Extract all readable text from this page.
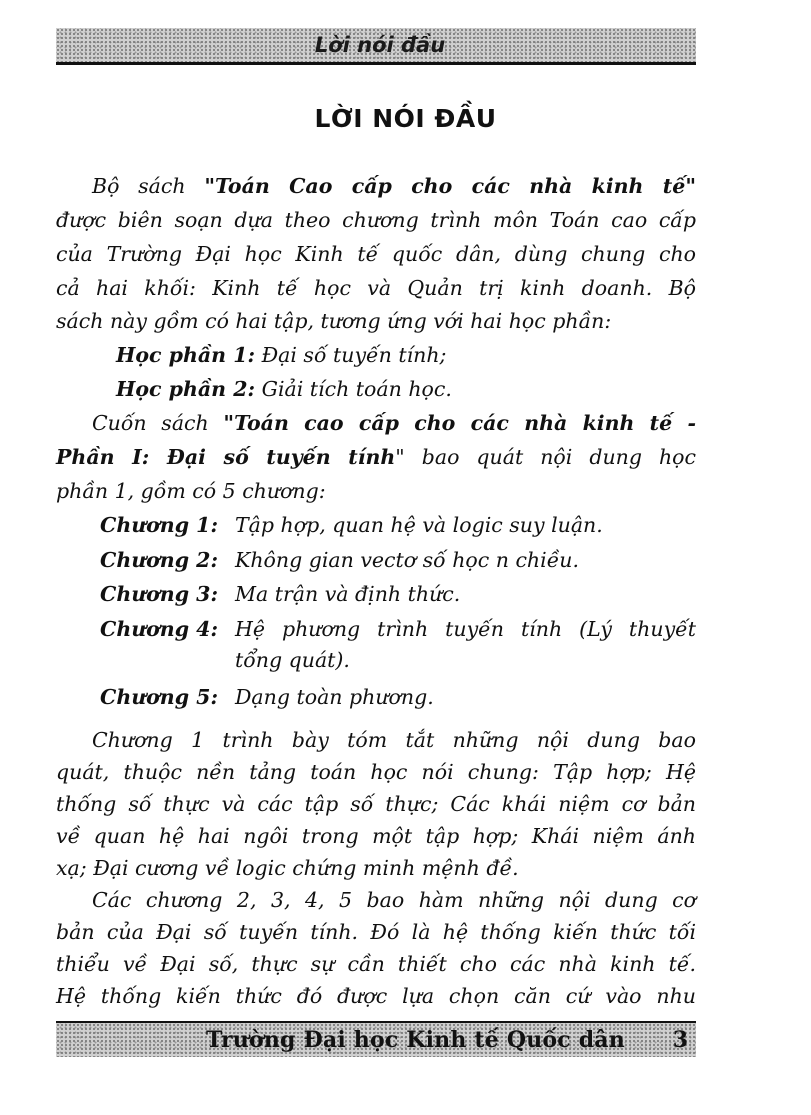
Lời nói đầu
LỜI NÓI ĐẦU
Bộ sách "Toán Cao cấp cho các nhà kinh tế"
được biên soạn dựa theo chương trình môn Toán cao cấp
của Trường Đại học Kinh tế quốc dân, dùng chung cho
cả hai khối: Kinh tế học và Quản trị kinh doanh. Bộ
sách này gồm có hai tập, tương ứng với hai học phần:
Học phần 1: Đại số tuyến tính;
Học phần 2: Giải tích toán học.
Cuốn sách "Toán cao cấp cho các nhà kinh tế -
Phần I: Đại số tuyến tính" bao quát nội dung học
phần 1, gồm có 5 chương:
Chương 1: Tập hợp, quan hệ và logic suy luận.
Chương 2: Không gian vectơ số học n chiều.
Chương 3: Ma trận và định thức.
Chương 4: Hệ phương trình tuyến tính (Lý thuyết
tổng quát).
Chương 5: Dạng toàn phương.
Chương 1 trình bày tóm tắt những nội dung bao
quát, thuộc nền tảng toán học nói chung: Tập hợp; Hệ
thống số thực và các tập số thực; Các khái niệm cơ bản
về quan hệ hai ngôi trong một tập hợp; Khái niệm ánh
xạ; Đại cương về logic chứng minh mệnh đề.
Các chương 2, 3, 4, 5 bao hàm những nội dung cơ
bản của Đại số tuyến tính. Đó là hệ thống kiến thức tối
thiểu về Đại số, thực sự cần thiết cho các nhà kinh tế.
Hệ thống kiến thức đó được lựa chọn căn cứ vào nhu
Trường Đại học Kinh tế Quốc dân 3
